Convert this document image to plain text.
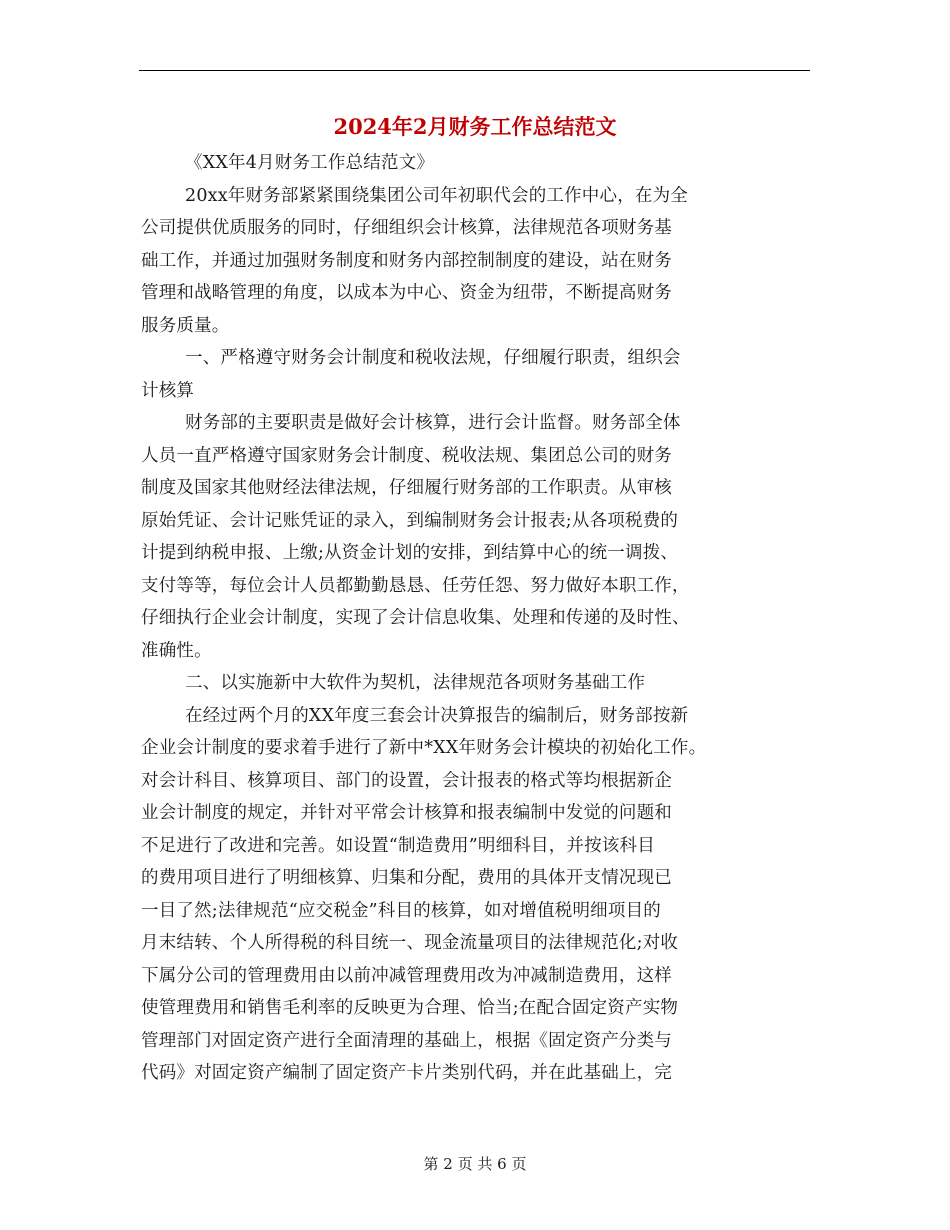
2024年2月财务工作总结范文
《XX年4月财务工作总结范文》
20xx年财务部紧紧围绕集团公司年初职代会的工作中心，在为全
公司提供优质服务的同时，仔细组织会计核算，法律规范各项财务基
础工作，并通过加强财务制度和财务内部控制制度的建设，站在财务
管理和战略管理的角度，以成本为中心、资金为纽带，不断提高财务
服务质量。
一、严格遵守财务会计制度和税收法规，仔细履行职责，组织会
计核算
财务部的主要职责是做好会计核算，进行会计监督。财务部全体
人员一直严格遵守国家财务会计制度、税收法规、集团总公司的财务
制度及国家其他财经法律法规，仔细履行财务部的工作职责。从审核
原始凭证、会计记账凭证的录入，到编制财务会计报表;从各项税费的
计提到纳税申报、上缴;从资金计划的安排，到结算中心的统一调拨、
支付等等，每位会计人员都勤勤恳恳、任劳任怨、努力做好本职工作，
仔细执行企业会计制度，实现了会计信息收集、处理和传递的及时性、
准确性。
二、以实施新中大软件为契机，法律规范各项财务基础工作
在经过两个月的XX年度三套会计决算报告的编制后，财务部按新
企业会计制度的要求着手进行了新中*XX年财务会计模块的初始化工作。
对会计科目、核算项目、部门的设置，会计报表的格式等均根据新企
业会计制度的规定，并针对平常会计核算和报表编制中发觉的问题和
不足进行了改进和完善。如设置“制造费用”明细科目，并按该科目
的费用项目进行了明细核算、归集和分配，费用的具体开支情况现已
一目了然;法律规范“应交税金”科目的核算，如对增值税明细项目的
月末结转、个人所得税的科目统一、现金流量项目的法律规范化;对收
下属分公司的管理费用由以前冲减管理费用改为冲减制造费用，这样
使管理费用和销售毛利率的反映更为合理、恰当;在配合固定资产实物
管理部门对固定资产进行全面清理的基础上，根据《固定资产分类与
代码》对固定资产编制了固定资产卡片类别代码，并在此基础上，完
第 2 页 共 6 页
